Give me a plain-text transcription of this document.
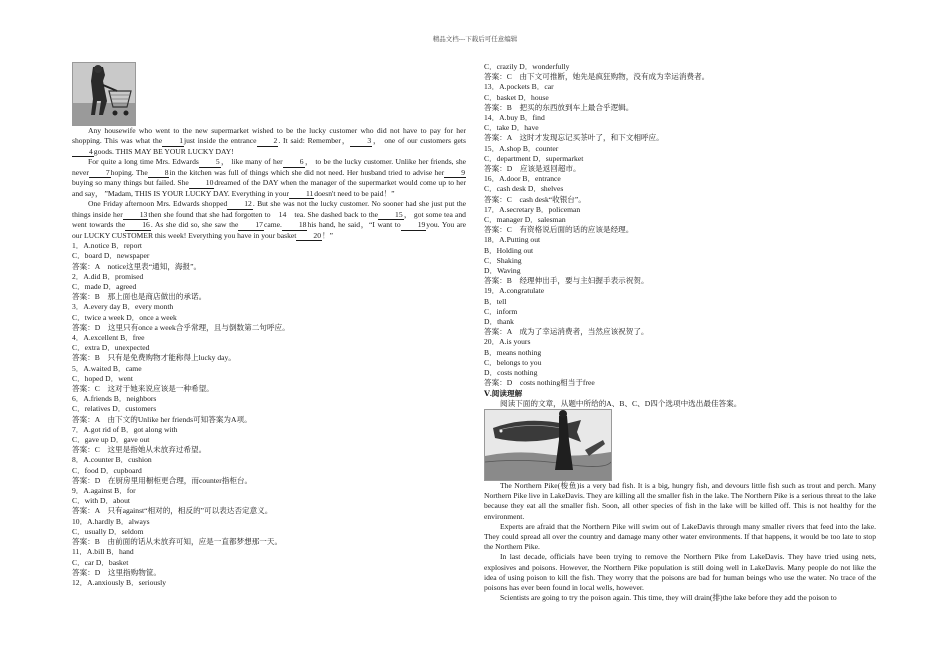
精品文档---下载后可任意编辑

Any housewife who went to the new supermarket wished to be the lucky customer who did not have to pay for her shopping. This was what the 1just inside the entrance 2. It said: Remember， 3， one of our customers gets4goods. THIS MAY BE YOUR LUCKY DAY!

For quite a long time Mrs. Edwards 5， like many of her 6， to be the lucky customer. Unlike her friends, she never 7hoping. The 8in the kitchen was full of things which she did not need. Her husband tried to advise her 9buying so many things but failed. She 10dreamed of the DAY when the manager of the supermarket would come up to her and say， ”Madam, THIS IS YOUR LUCKY DAY. Everything in your 11doesn't need to be paid！”

One Friday afternoon Mrs. Edwards shopped 12. But she was not the lucky customer. No sooner had she just put the things inside her 13then she found that she had forgotten to　14　tea. She dashed back to the 15， got some tea and went towards the 16. As she did so, she saw the 17came. 18his hand, he said，“I want to 19you. You are our LUCKY CUSTOMER this week! Everything you have in your basket 20！”

1．A.notice B．report
C．board D．newspaper
答案：A　notice这里表“通知，海报”。
2．A.did B．promised
C．made D．agreed
答案：B　那上面也是商店做出的承诺。
3．A.every day B．every month
C．twice a week D．once a week
答案：D　这里只有once a week合乎常理，且与倒数第二句呼应。
4．A.excellent B．free
C．extra D．unexpected
答案：B　只有是免费购物才能称得上lucky day。
5．A.waited B．came
C．hoped D．went
答案：C　这对于她来说应该是一种希望。
6．A.friends B．neighbors
C．relatives D．customers
答案：A　由下文的Unlike her friends可知答案为A项。
7．A.got rid of B．got along with
C．gave up D．gave out
答案：C　这里是指她从未放弃过希望。
8．A.counter B．cushion
C．food D．cupboard
答案：D　在厨房里用橱柜更合理，而counter指柜台。
9．A.against B．for
C．with D．about
答案：A　只有against“相对的，相反的”可以表达否定意义。
10．A.hardly B．always
C．usually D．seldom
答案：B　由前面的话从未放弃可知，应是一直都梦想那一天。
11．A.bill B．hand
C．car D．basket
答案：D　这里指购物筐。
12．A.anxiously B．seriously
C．crazily D．wonderfully
答案：C　由下文可推断，她先是疯狂购物，没有成为幸运消费者。
13．A.pockets B．car
C．basket D．house
答案：B　把买的东西放到车上最合乎逻辑。
14．A.buy B．find
C．take D．have
答案：A　这时才发现忘记买茶叶了，和下文相呼应。
15．A.shop B．counter
C．department D．supermarket
答案：D　应该是返回超市。
16．A.door B．entrance
C．cash desk D．shelves
答案：C　cash desk“收银台”。
17．A.secretary B．policeman
C．manager D．salesman
答案：C　有资格说后面的话的应该是经理。
18．A.Putting out
B．Holding out
C．Shaking
D．Waving
答案：B　经理伸出手，要与主妇握手表示祝贺。
19．A.congratulate
B．tell
C．inform
D．thank
答案：A　成为了幸运消费者，当然应该祝贺了。
20．A.is yours
B．means nothing
C．belongs to you
D．costs nothing
答案：D　costs nothing相当于free
Ⅴ.阅读理解
阅读下面的文章，从题中所给的A、B、C、D四个选项中选出最佳答案。

The Northern Pike(梭鱼)is a very bad fish. It is a big, hungry fish, and devours little fish such as trout and perch. Many Northern Pike live in LakeDavis. They are killing all the smaller fish in the lake. The Northern Pike is a serious threat to the lake because they eat all the smaller fish. Soon, all other species of fish in the lake will be killed off. This is not healthy for the environment.

Experts are afraid that the Northern Pike will swim out of LakeDavis through many smaller rivers that feed into the lake. They could spread all over the country and damage many other water environments. If that happens, it would be too late to stop the Northern Pike.

In last decade, officials have been trying to remove the Northern Pike from LakeDavis. They have tried using nets, explosives and poisons. However, the Northern Pike population is still doing well in LakeDavis. Many people do not like the idea of using poison to kill the fish. They worry that the poisons are bad for human beings who use the water. No trace of the poisons has ever been found in local wells, however.

Scientists are going to try the poison again. This time, they will drain(排)the lake before they add the poison to
